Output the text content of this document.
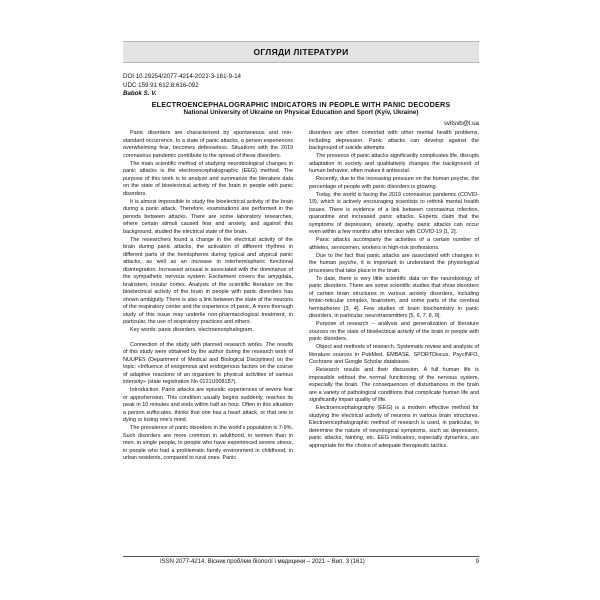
ОГЛЯДИ ЛІТЕРАТУРИ
DOI 10.29254/2077-4214-2021-3-161-9-14
UDC 159.91:612.8:616-092
Babok S. V.
ELECTROENCEPHALOGRAPHIC INDICATORS IN PEOPLE WITH PANIC DECODERS
National University of Ukraine on Physical Education and Sport (Kyiv, Ukraine)
svitsvb@i.ua

Panic disorders are characterized by spontaneous and non-standard occurrence. In a state of panic attacks, a person experiences overwhelming fear, becomes defenseless. Situations with the 2019 coronavirus pandemic contribute to the spread of these disorders.

The main scientific method of studying neurobiological changes in panic attacks is the electroencephalographic (EEG) method. The purpose of this work is to analyze and summarize the literature data on the state of bioelectrical activity of the brain in people with panic disorders.

It is almost impossible to study the bioelectrical activity of the brain during a panic attack. Therefore, examinations are performed in the periods between attacks. There are some laboratory researches, where certain stimuli caused fear and anxiety, and against this background, studied the electrical state of the brain.

The researchers found a change in the electrical activity of the brain during panic attacks, the activation of different rhythms in different parts of the hemispheres during typical and atypical panic attacks, as well as an increase in interhemispheric functional disintegration. Increased arousal is associated with the dominance of the sympathetic nervous system. Excitement covers the amygdala, brainstem, insular cortex. Analysis of the scientific literature on the bioelectrical activity of the brain in people with panic disorders has shown ambiguity. There is also a link between the state of the neurons of the respiratory center and the experience of panic. A more thorough study of this issue may underlie non-pharmacological treatment, in particular, the use of respiratory practices and others.

Key words: panic disorders, electroencephalogram.

Connection of the study with planned research works. The results of this study were obtained by the author during the research work of NUUPES (Department of Medical and Biological Disciplines) on the topic: «Influence of exogenous and endogenous factors on the course of adaptive reactions of an organism to physical activities of various intensity» (state registration No 0121U008187).

Introduction. Panic attacks are episodic experiences of severe fear or apprehension. This condition usually begins suddenly, reaches its peak in 10 minutes and ends within half an hour. Often in this situation a person suffocates, thinks that one has a heart attack, or that one is dying or losing one's mind.

The prevalence of panic disorders in the world's population is 7-9%. Such disorders are more common in adulthood, in women than in men, in single people, in people who have experienced severe stress, in people who had a problematic family environment in childhood, in urban residents, compared to rural ones. Panic

disorders are often comorbid with other mental health problems, including depression. Panic attacks can develop against the background of suicide attempts.

The presence of panic attacks significantly complicates life, disrupts adaptation in society and qualitatively changes the background of human behavior, often makes it antisocial.

Recently, due to the increasing pressure on the human psyche, the percentage of people with panic disorders is growing.

Today, the world is facing the 2019 coronavirus pandemic (COVID-19), which is actively encouraging scientists to rethink mental health issues. There is evidence of a link between coronavirus infection, quarantine and increased panic attacks. Experts claim that the symptoms of depression, anxiety, apathy, panic attacks can occur even within a few months after infection with COVID-19 [1, 2].

Panic attacks accompany the activities of a certain number of athletes, servicemen, workers in high-risk professions.

Due to the fact that panic attacks are associated with changes in the human psyche, it is important to understand the physiological processes that take place in the brain.

To date, there is very little scientific data on the neurobiology of panic disorders. There are some scientific studies that show disorders of certain brain structures in various anxiety disorders, including limbic-reticular complex, brainstem, and some parts of the cerebral hemispheres [3, 4]. Few studies of brain biochemistry in panic disorders, in particular, neurotransmitters [5, 6, 7, 8, 9].

Purpose of research – analysis and generalization of literature sources on the state of bioelectrical activity of the brain in people with panic disorders.

Object and methods of research. Systematic review and analysis of literature sources in PubMed, EMBASE, SPORTDiscus, PsycINFO, Cochrane and Google Scholar databases.

Research results and their discussion. A full human life is impossible without the normal functioning of the nervous system, especially the brain. The consequences of disturbances in the brain are a variety of pathological conditions that complicate human life and significantly impair quality of life.

Electroencephalography (EEG) is a modern effective method for studying the electrical activity of neurons in various brain structures. Electroencephalographic method of research is used, in particular, to determine the nature of neurological symptoms, such as depression, panic attacks, fainting, etc. EEG indicators, especially dynamics, are appropriate for the choice of adequate therapeutic tactics.

ISSN 2077-4214. Вісник проблем біології і медицини – 2021 – Вип. 3 (161)	9
